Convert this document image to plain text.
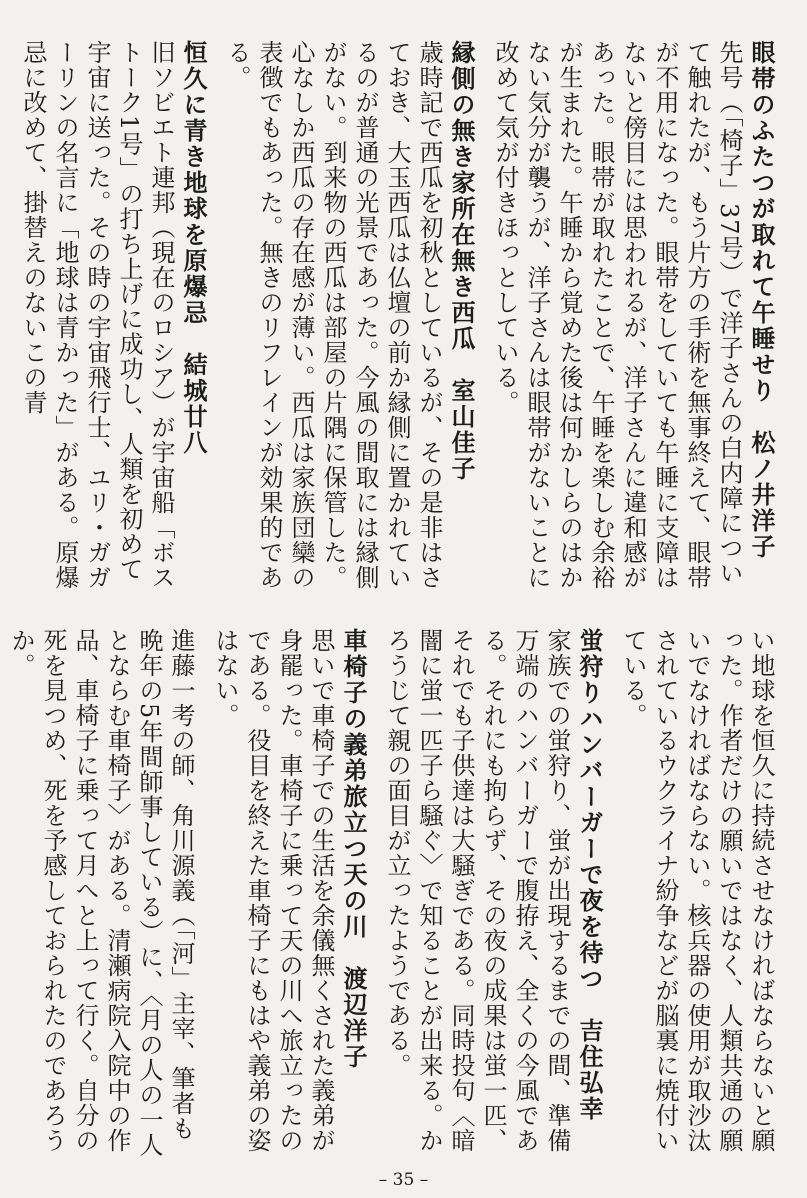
眼帯のふたつが取れて午睡せり　松ノ井洋子

先号（「椅子」37号）で洋子さんの白内障について触れたが、もう片方の手術を無事終えて、眼帯が不用になった。眼帯をしていても午睡に支障はないと傍目には思われるが、洋子さんに違和感があった。眼帯が取れたことで、午睡を楽しむ余裕が生まれた。午睡から覚めた後は何かしらのはかない気分が襲うが、洋子さんは眼帯がないことに改めて気が付きほっとしている。

縁側の無き家所在無き西瓜　室山佳子

歳時記で西瓜を初秋としているが、その是非はさておき、大玉西瓜は仏壇の前か縁側に置かれているのが普通の光景であった。今風の間取には縁側がない。到来物の西瓜は部屋の片隅に保管した。心なしか西瓜の存在感が薄い。西瓜は家族団欒の表徴でもあった。無きのリフレインが効果的である。

恒久に青き地球を原爆忌　結城廿八

旧ソビエト連邦（現在のロシア）が宇宙船「ボストーク1号」の打ち上げに成功し、人類を初めて宇宙に送った。その時の宇宙飛行士、ユリ・ガガーリンの名言に「地球は青かった」がある。原爆忌に改めて、掛替えのないこの青

い地球を恒久に持続させなければならないと願った。作者だけの願いではなく、人類共通の願いでなければならない。核兵器の使用が取沙汰されているウクライナ紛争などが脳裏に焼付いている。

蛍狩りハンバーガーで夜を待つ　吉住弘幸

家族での蛍狩り、蛍が出現するまでの間、準備万端のハンバーガーで腹拵え、全くの今風である。それにも拘らず、その夜の成果は蛍一匹、それでも子供達は大騒ぎである。同時投句〈暗闇に蛍一匹子ら騒ぐ〉で知ることが出来る。かろうじて親の面目が立ったようである。

車椅子の義弟旅立つ天の川　渡辺洋子

思いで車椅子での生活を余儀無くされた義弟が身罷った。車椅子に乗って天の川へ旅立ったのである。役目を終えた車椅子にもはや義弟の姿はない。

進藤一考の師、角川源義（「河」主宰、筆者も晩年の5年間師事している）に、〈月の人の一人とならむ車椅子〉がある。清瀬病院入院中の作品、車椅子に乗って月へと上って行く。自分の死を見つめ、死を予感しておられたのであろうか。

– 35 –
